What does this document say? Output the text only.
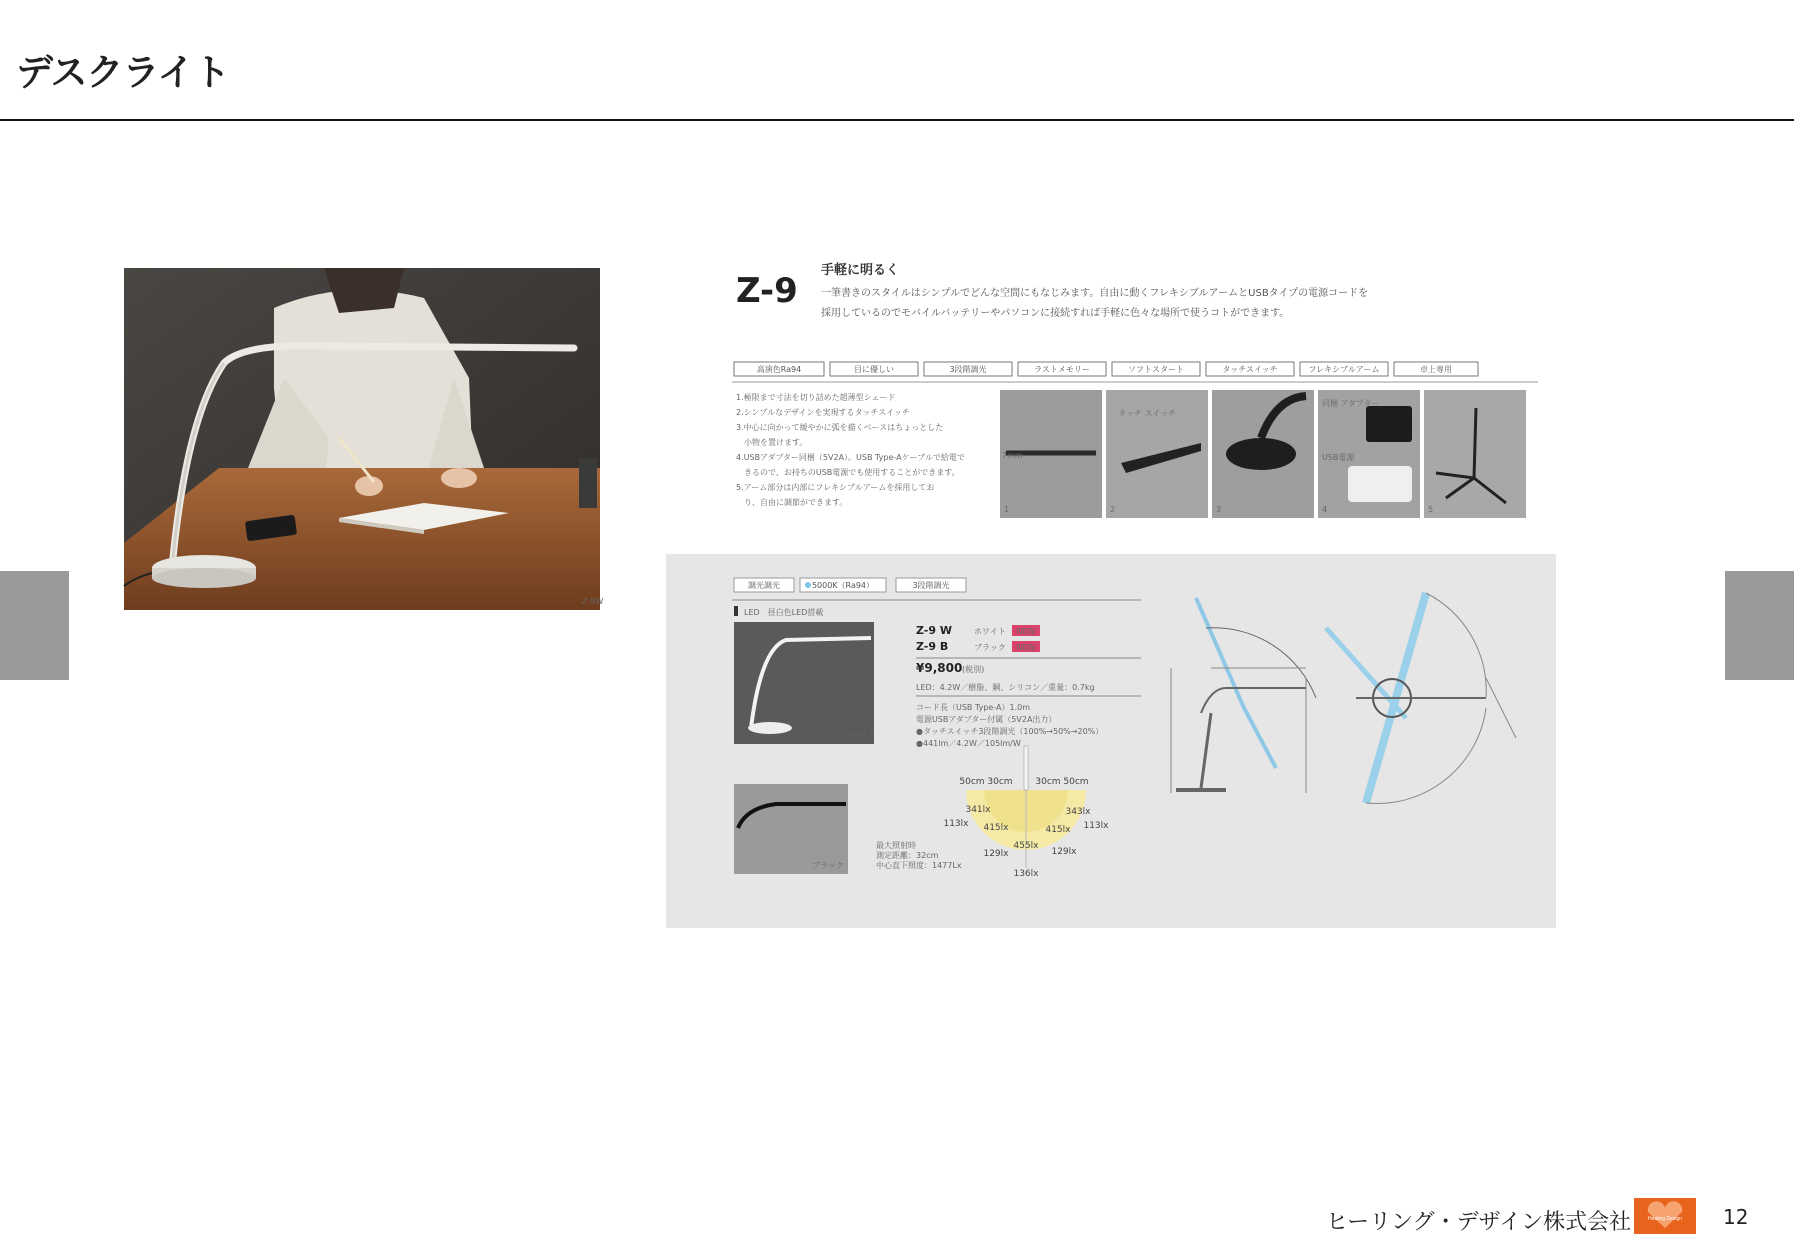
デスクライト
Z-9W
Z-9
手軽に明るく
一筆書きのスタイルはシンプルでどんな空間にもなじみます。自由に動くフレキシブルアームとUSBタイプの電源コードを
採用しているのでモバイルバッテリーやパソコンに接続すれば手軽に色々な場所で使うコトができます。
高演色Ra94	目に優しい	3段階調光	ラストメモリー	ソフトスタート	タッチスイッチ	フレキシブルアーム	卓上専用
1.極限まで寸法を切り詰めた超薄型シェード
2.シンプルなデザインを実現するタッチスイッチ
3.中心に向かって緩やかに弧を描くベースはちょっとした
　小物を置けます。
4.USBアダプター同梱（5V2A）。USB Type-Aケーブルで給電で
　きるので、お持ちのUSB電源でも使用することができます。
5.アーム部分は内部にフレキシブルアームを採用してお
　り、自由に調節ができます。
7mm
タッチ スイッチ
同梱 アダプター
USB電源
1	2	3	4	5
調光調光	5000K（Ra94）	3段階調光
LED　昼白色LED搭載
ホワイト
ブラック
Z-9 W	ホワイト NEW
Z-9 B	ブラック NEW
¥9,800 (税別)
LED：4.2W／樹脂、鋼、シリコン／重量：0.7kg
コード長（USB Type-A）1.0m
電源USBアダプター付属（5V2A出力）
●タッチスイッチ3段階調光（100%→50%→20%）
●441lm／4.2W／105lm/W
50cm 30cm	30cm 50cm
341lx	343lx
113lx	113lx
415lx	415lx
455lx
129lx	129lx
136lx
最大照射時
測定距離：32cm
中心直下照度：1477Lx
ヒーリング・デザイン株式会社	Healing Design 12
